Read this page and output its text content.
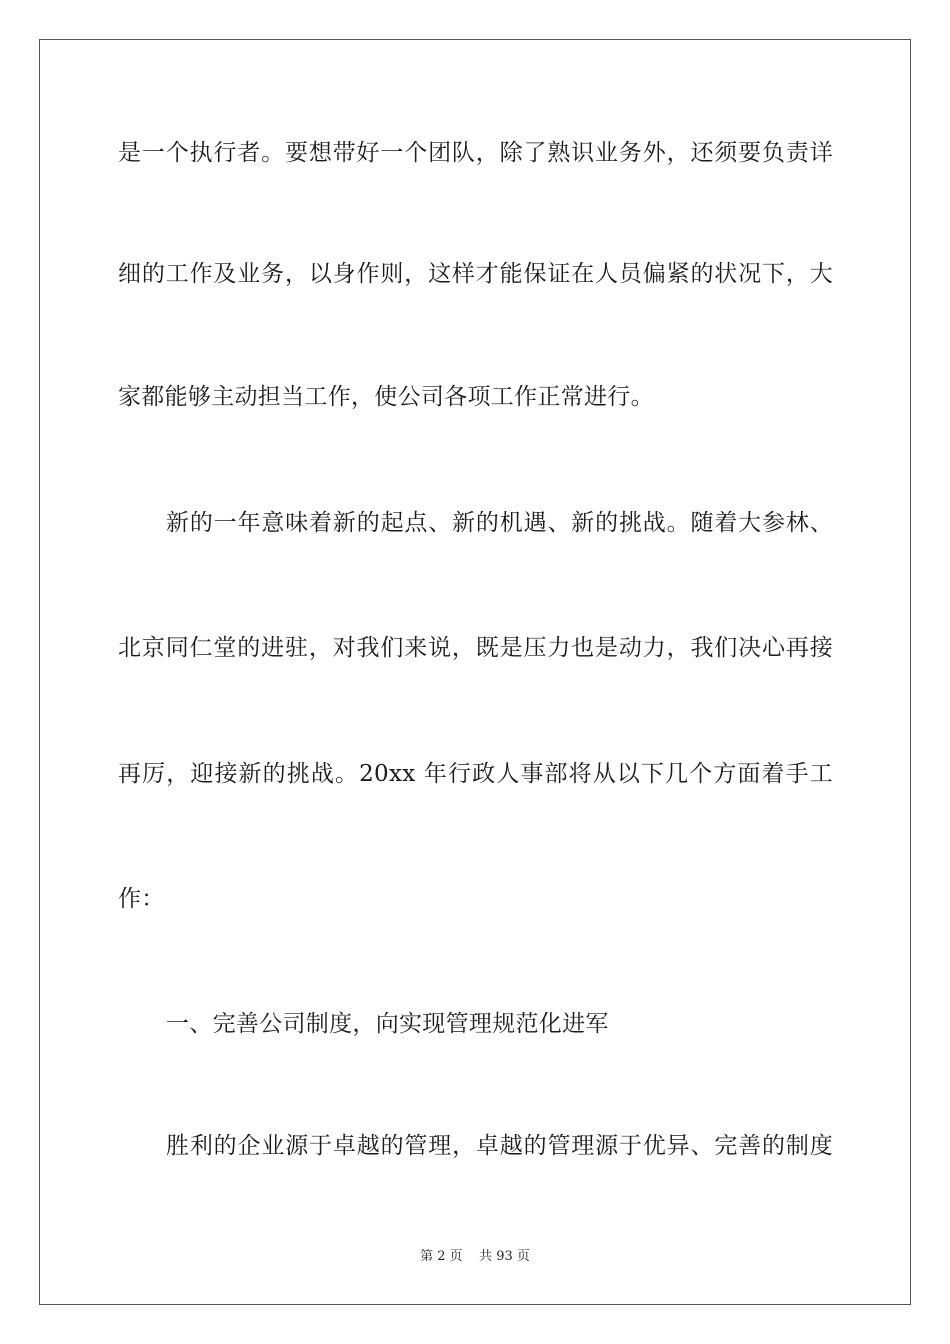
是一个执行者。要想带好一个团队，除了熟识业务外，还须要负责详
细的工作及业务，以身作则，这样才能保证在人员偏紧的状况下，大
家都能够主动担当工作，使公司各项工作正常进行。
新的一年意味着新的起点、新的机遇、新的挑战。随着大参林、
北京同仁堂的进驻，对我们来说，既是压力也是动力，我们决心再接
再厉，迎接新的挑战。20xx 年行政人事部将从以下几个方面着手工
作：
一、完善公司制度，向实现管理规范化进军
胜利的企业源于卓越的管理，卓越的管理源于优异、完善的制度
第 2 页    共 93 页
